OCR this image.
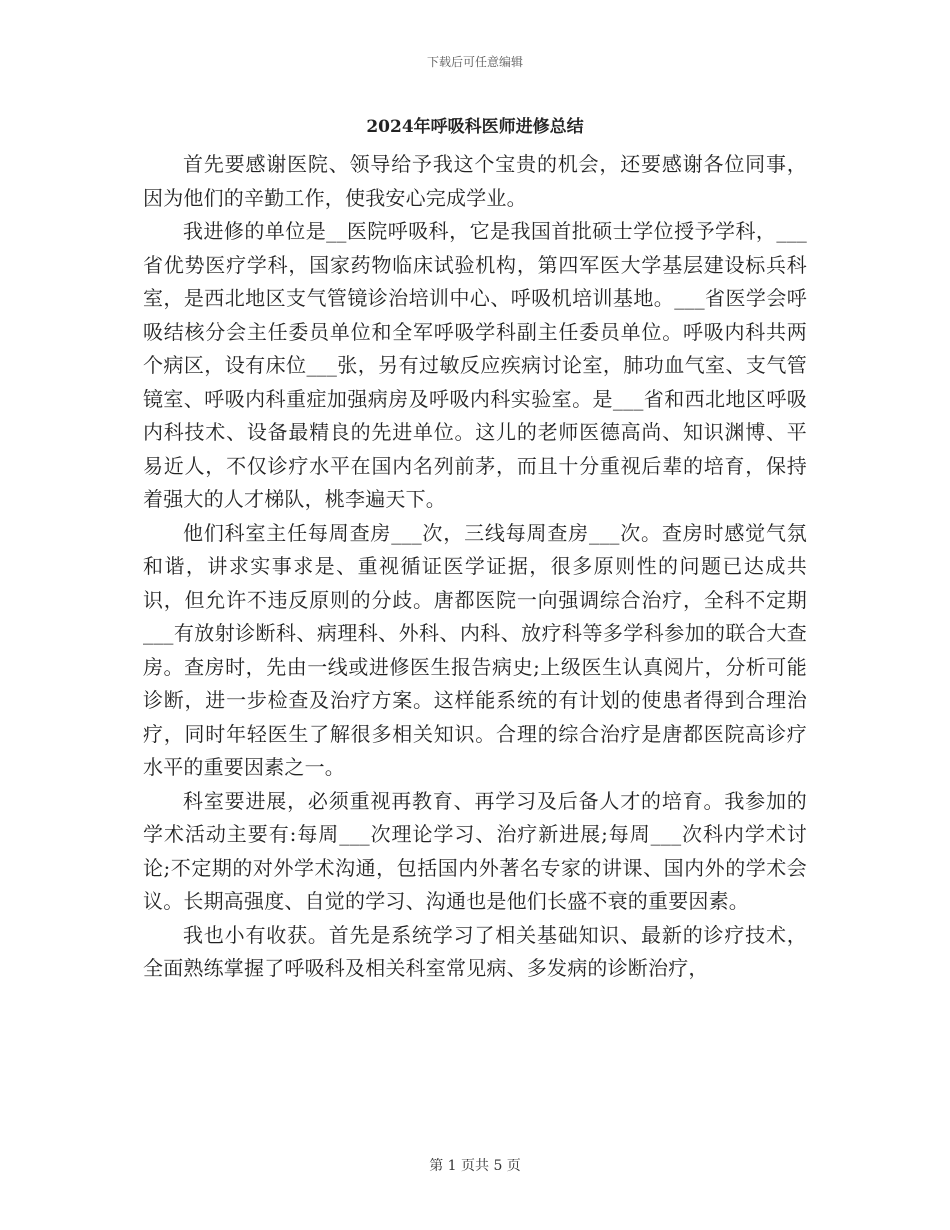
下载后可任意编辑
2024年呼吸科医师进修总结

首先要感谢医院、领导给予我这个宝贵的机会，还要感谢各位同事，因为他们的辛勤工作，使我安心完成学业。

我进修的单位是__医院呼吸科，它是我国首批硕士学位授予学科，___省优势医疗学科，国家药物临床试验机构，第四军医大学基层建设标兵科室，是西北地区支气管镜诊治培训中心、呼吸机培训基地。___省医学会呼吸结核分会主任委员单位和全军呼吸学科副主任委员单位。呼吸内科共两个病区，设有床位___张，另有过敏反应疾病讨论室，肺功血气室、支气管镜室、呼吸内科重症加强病房及呼吸内科实验室。是___省和西北地区呼吸内科技术、设备最精良的先进单位。这儿的老师医德高尚、知识渊博、平易近人，不仅诊疗水平在国内名列前茅，而且十分重视后辈的培育，保持着强大的人才梯队，桃李遍天下。

他们科室主任每周查房___次，三线每周查房___次。查房时感觉气氛和谐，讲求实事求是、重视循证医学证据，很多原则性的问题已达成共识，但允许不违反原则的分歧。唐都医院一向强调综合治疗，全科不定期___有放射诊断科、病理科、外科、内科、放疗科等多学科参加的联合大查房。查房时，先由一线或进修医生报告病史;上级医生认真阅片，分析可能诊断，进一步检查及治疗方案。这样能系统的有计划的使患者得到合理治疗，同时年轻医生了解很多相关知识。合理的综合治疗是唐都医院高诊疗水平的重要因素之一。

科室要进展，必须重视再教育、再学习及后备人才的培育。我参加的学术活动主要有:每周___次理论学习、治疗新进展;每周___次科内学术讨论;不定期的对外学术沟通，包括国内外著名专家的讲课、国内外的学术会议。长期高强度、自觉的学习、沟通也是他们长盛不衰的重要因素。

我也小有收获。首先是系统学习了相关基础知识、最新的诊疗技术，全面熟练掌握了呼吸科及相关科室常见病、多发病的诊断治疗，

第 1 页共 5 页
